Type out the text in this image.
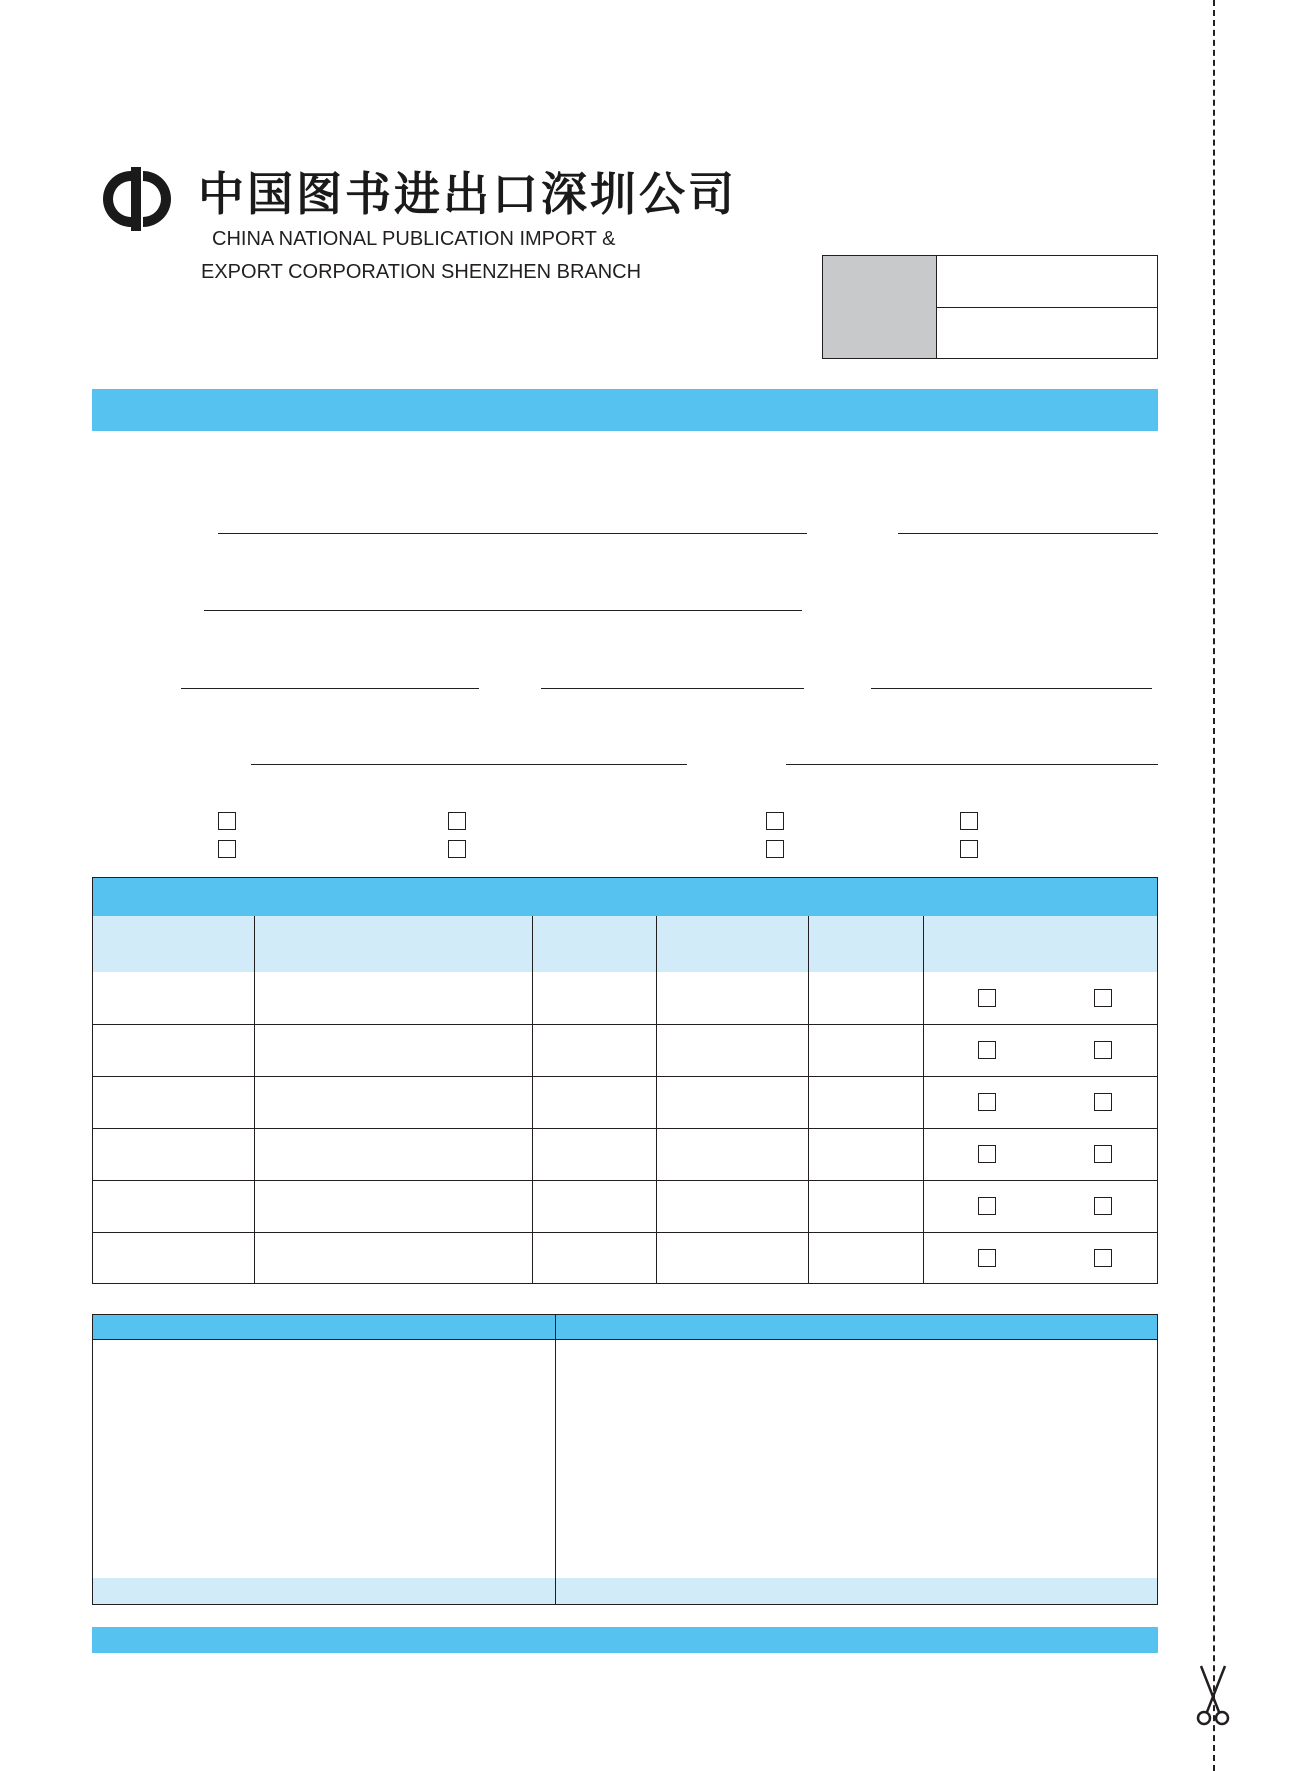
中国图书进出口深圳公司
CHINA NATIONAL PUBLICATION IMPORT &
EXPORT CORPORATION SHENZHEN BRANCH
